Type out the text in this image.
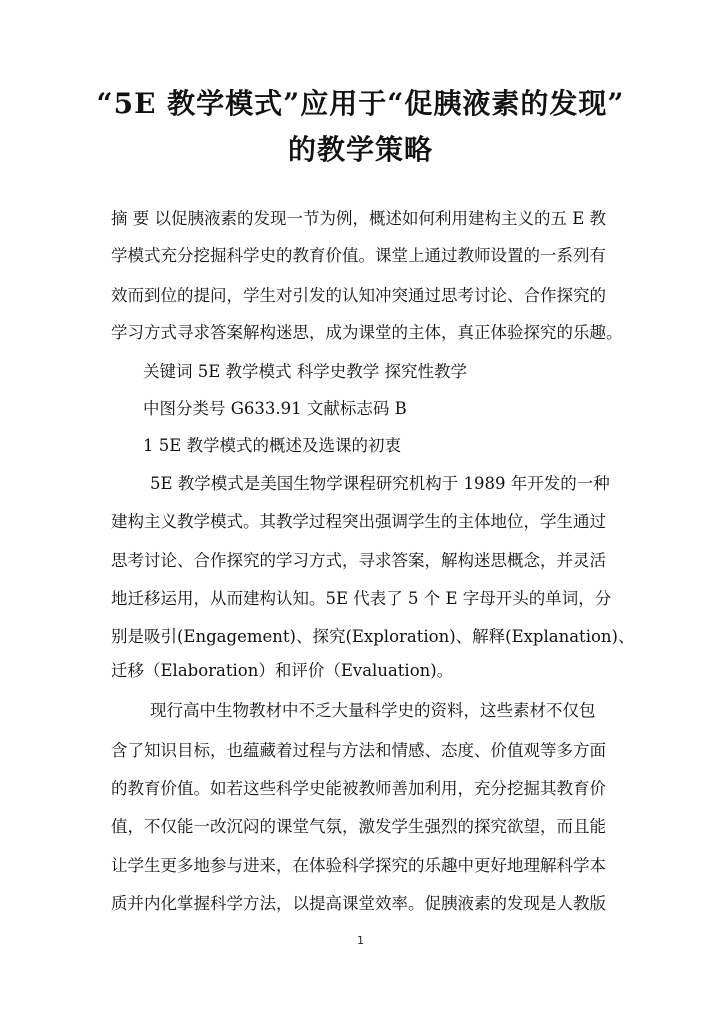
“5E 教学模式”应用于“促胰液素的发现”
的教学策略
摘 要 以促胰液素的发现一节为例，概述如何利用建构主义的五 E 教
学模式充分挖掘科学史的教育价值。课堂上通过教师设置的一系列有
效而到位的提问，学生对引发的认知冲突通过思考讨论、合作探究的
学习方式寻求答案解构迷思，成为课堂的主体，真正体验探究的乐趣。
关键词 5E 教学模式 科学史教学 探究性教学
中图分类号 G633.91 文献标志码 B
1 5E 教学模式的概述及选课的初衷
5E 教学模式是美国生物学课程研究机构于 1989 年开发的一种
建构主义教学模式。其教学过程突出强调学生的主体地位，学生通过
思考讨论、合作探究的学习方式，寻求答案，解构迷思概念，并灵活
地迁移运用，从而建构认知。5E 代表了 5 个 E 字母开头的单词，分
别是吸引(Engagement)、探究(Exploration)、解释(Explanation)、
迁移（Elaboration）和评价（Evaluation)。
现行高中生物教材中不乏大量科学史的资料，这些素材不仅包
含了知识目标，也蕴藏着过程与方法和情感、态度、价值观等多方面
的教育价值。如若这些科学史能被教师善加利用，充分挖掘其教育价
值，不仅能一改沉闷的课堂气氛，激发学生强烈的探究欲望，而且能
让学生更多地参与进来，在体验科学探究的乐趣中更好地理解科学本
质并内化掌握科学方法，以提高课堂效率。促胰液素的发现是人教版
1
